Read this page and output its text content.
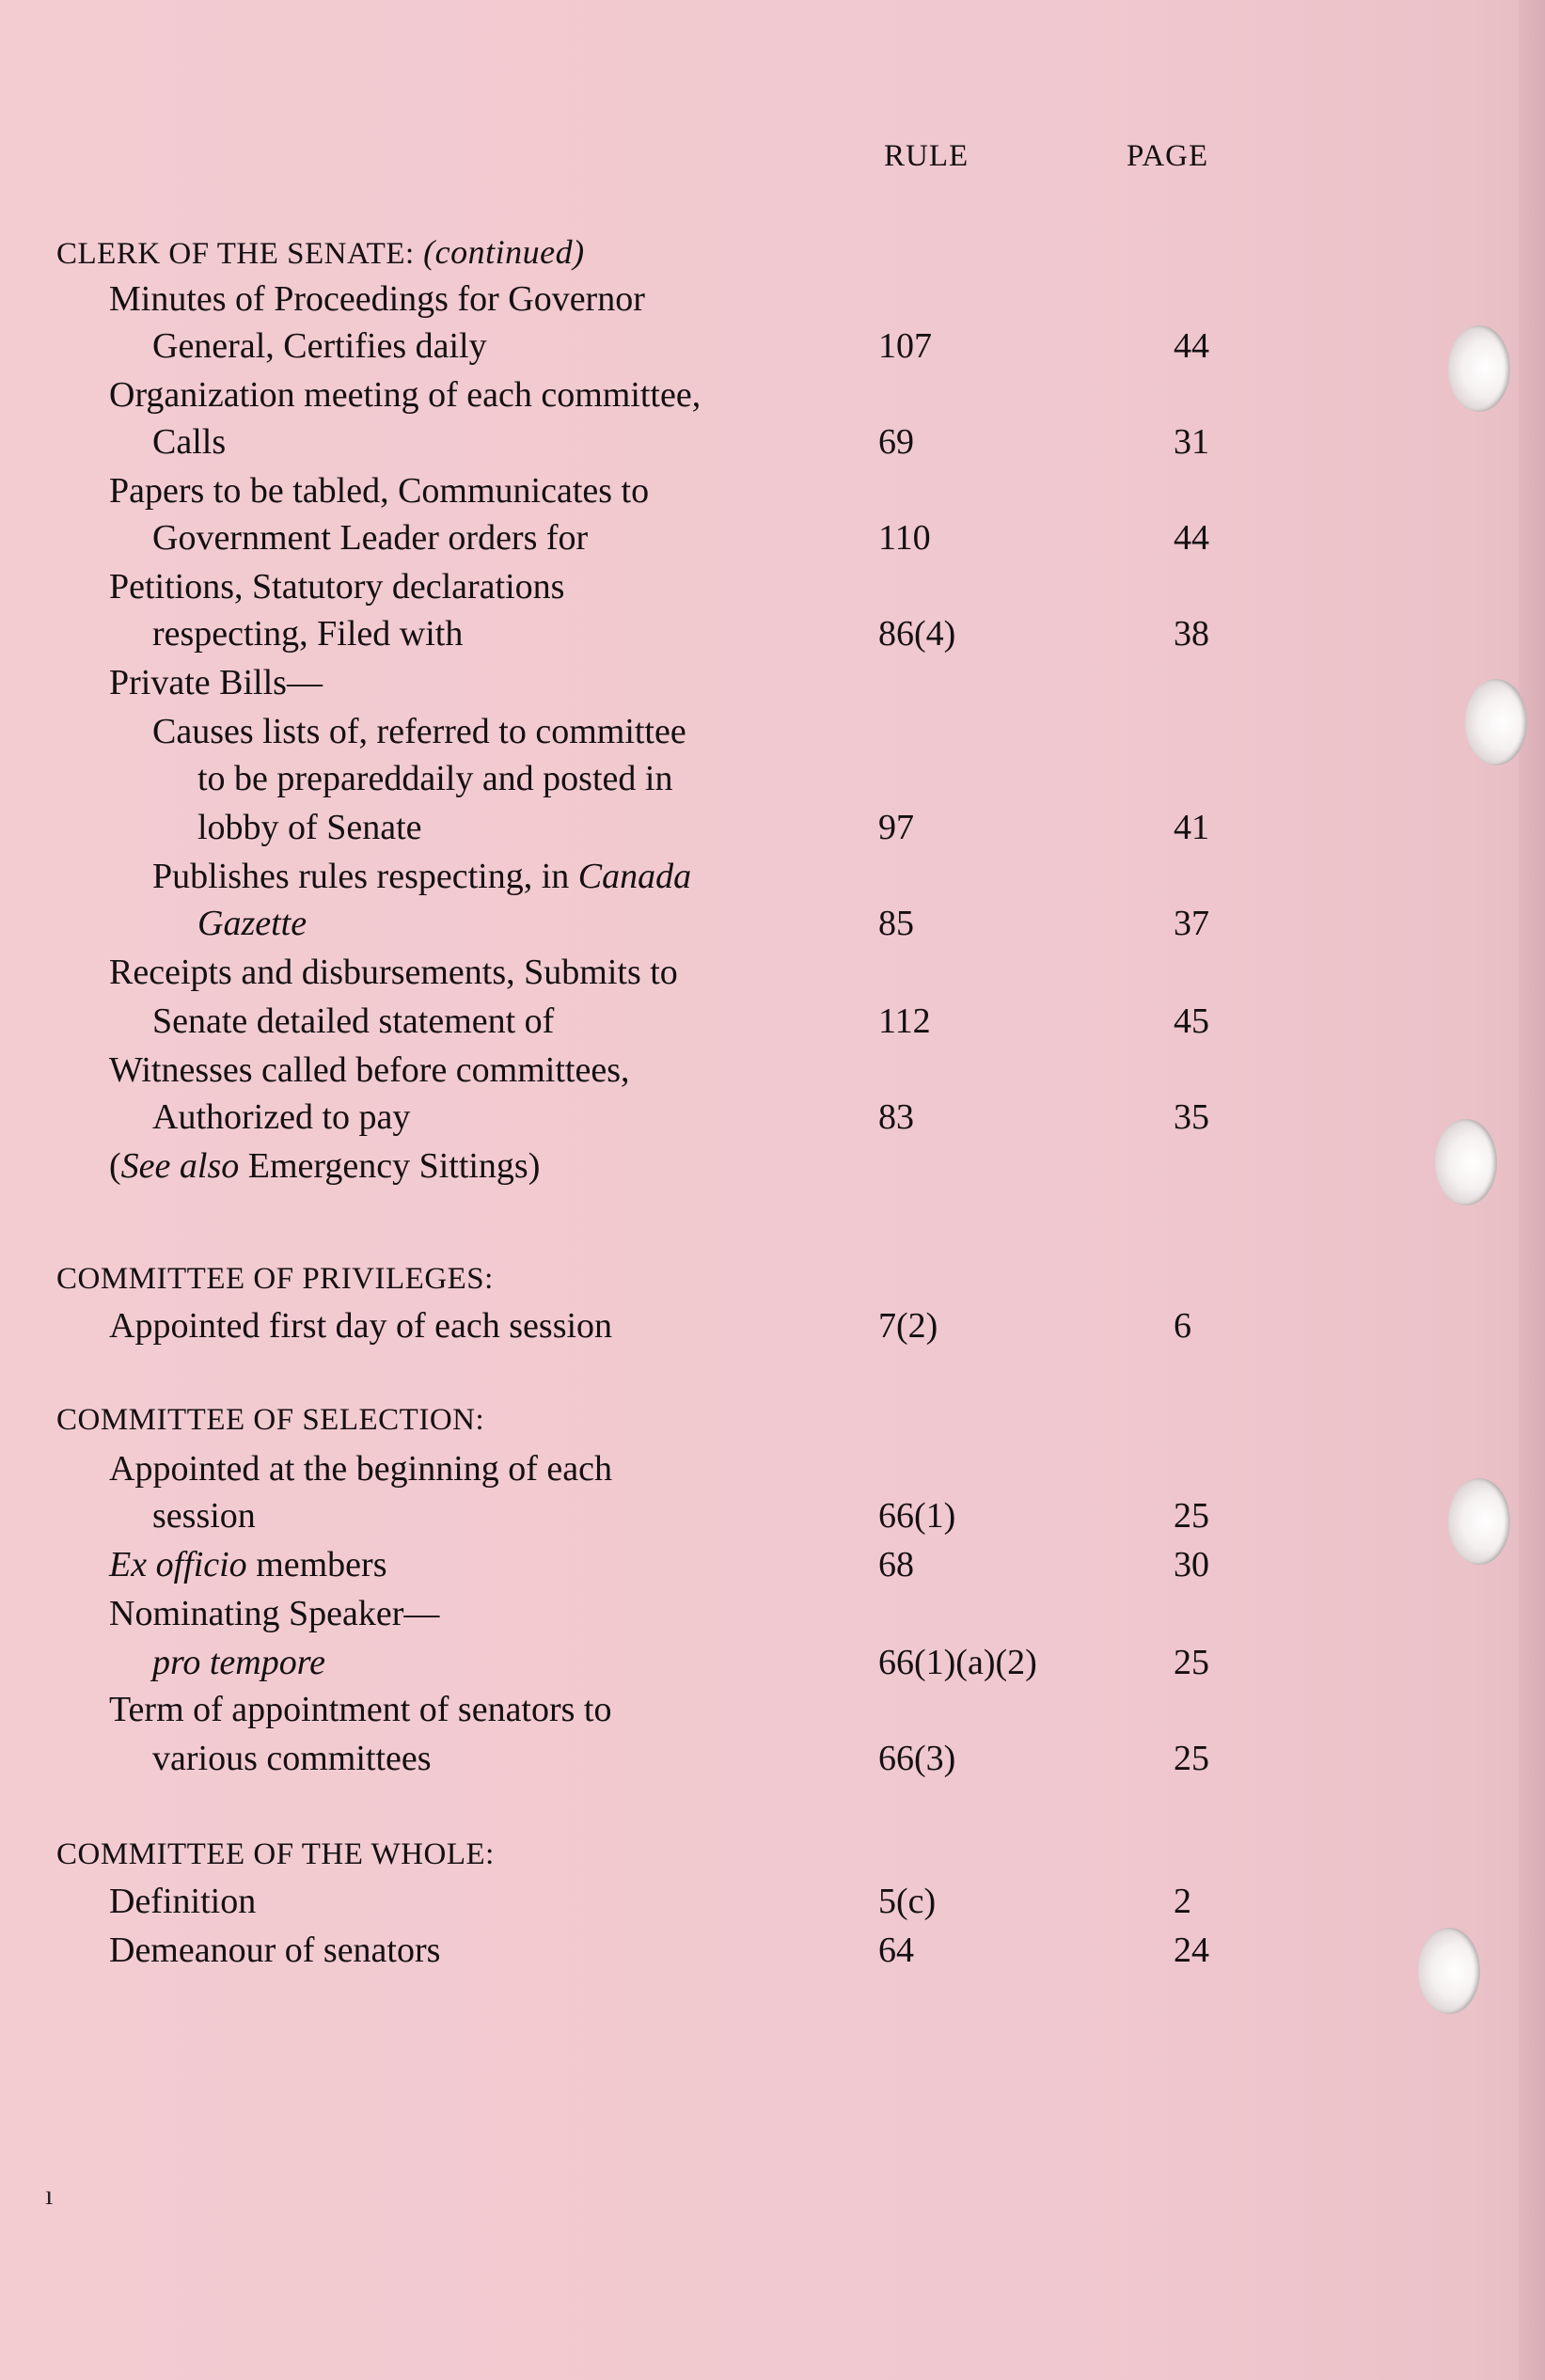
ı
RULE	PAGE
CLERK OF THE SENATE: (continued)
Minutes of Proceedings for Governor
General, Certifies daily	107	44
Organization meeting of each committee,
Calls	69	31
Papers to be tabled, Communicates to
Government Leader orders for	110	44
Petitions, Statutory declarations
respecting, Filed with	86(4)	38
Private Bills—
Causes lists of, referred to committee
to be prepareddaily and posted in
lobby of Senate	97	41
Publishes rules respecting, in Canada
Gazette	85	37
Receipts and disbursements, Submits to
Senate detailed statement of	112	45
Witnesses called before committees,
Authorized to pay	83	35
(See also Emergency Sittings)
COMMITTEE OF PRIVILEGES:
Appointed first day of each session	7(2)	6
COMMITTEE OF SELECTION:
Appointed at the beginning of each
session	66(1)	25
Ex officio members	68	30
Nominating Speaker—
pro tempore	66(1)(a)(2)	25
Term of appointment of senators to
various committees	66(3)	25
COMMITTEE OF THE WHOLE:
Definition	5(c)	2
Demeanour of senators	64	24
